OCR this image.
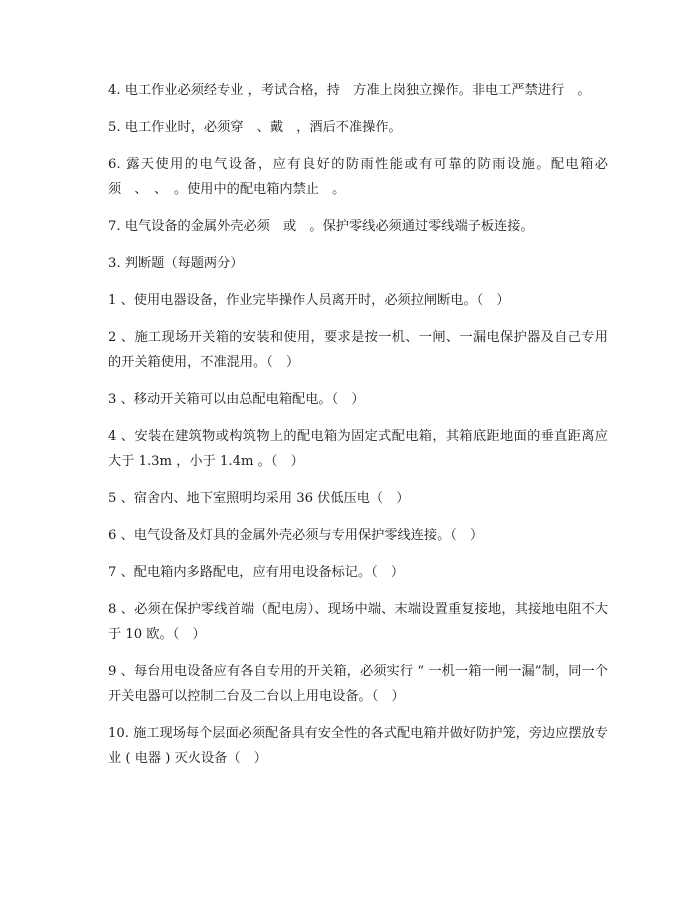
4. 电工作业必须经专业 ，考试合格，持　方准上岗独立操作。非电工严禁进行　。

5. 电工作业时，必须穿　、戴　，酒后不准操作。

6. 露天使用的电气设备，应有良好的防雨性能或有可靠的防雨设施。配电箱必须　、　、　。使用中的配电箱内禁止　。

7. 电气设备的金属外壳必须　或　。保护零线必须通过零线端子板连接。

3. 判断题（每题两分）

1 、使用电器设备，作业完毕操作人员离开时，必须拉闸断电。（　）

2 、施工现场开关箱的安装和使用，要求是按一机、一闸、一漏电保护器及自己专用的开关箱使用，不准混用。（　）

3 、移动开关箱可以由总配电箱配电。（　）

4 、安装在建筑物或构筑物上的配电箱为固定式配电箱，其箱底距地面的垂直距离应大于 1.3m ，小于 1.4m 。（　）

5 、宿舍内、地下室照明均采用 36 伏低压电（　）

6 、电气设备及灯具的金属外壳必须与专用保护零线连接。（　）

7 、配电箱内多路配电，应有用电设备标记。（　）

8 、必须在保护零线首端（配电房）、现场中端、末端设置重复接地，其接地电阻不大于 10 欧。（　）

9 、每台用电设备应有各自专用的开关箱，必须实行 “ 一机一箱一闸一漏”制，同一个开关电器可以控制二台及二台以上用电设备。（　）

10. 施工现场每个层面必须配备具有安全性的各式配电箱并做好防护笼，旁边应摆放专业 ( 电器 ) 灭火设备（　）
